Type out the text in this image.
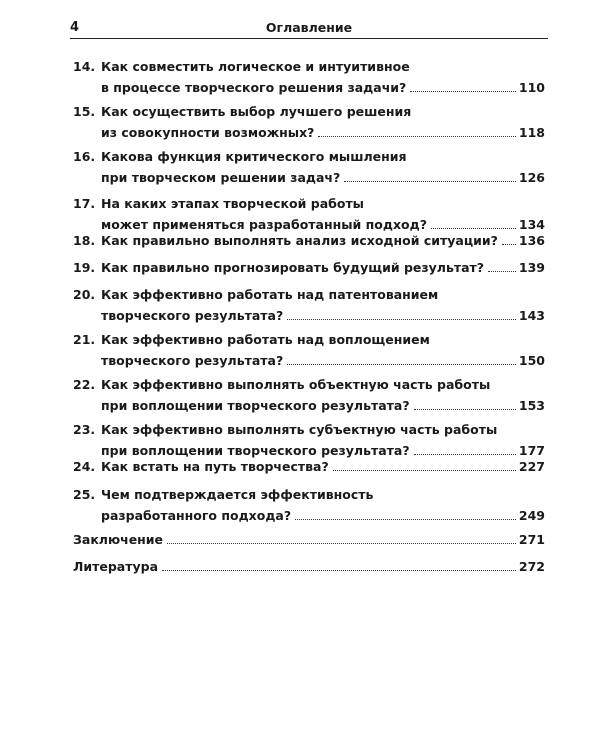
4	Оглавление
14. Как совместить логическое и интуитивное
в процессе творческого решения задачи?	110
15. Как осуществить выбор лучшего решения
из совокупности возможных?	118
16. Какова функция критического мышления
при творческом решении задач?	126
17. На каких этапах творческой работы
может применяться разработанный подход?	134
18. Как правильно выполнять анализ исходной ситуации? 136
19. Как правильно прогнозировать будущий результат?	139
20. Как эффективно работать над патентованием
творческого результата?	143
21. Как эффективно работать над воплощением
творческого результата?	150
22. Как эффективно выполнять объектную часть работы
при воплощении творческого результата?	153
23. Как эффективно выполнять субъектную часть работы
при воплощении творческого результата?	177
24. Как встать на путь творчества?	227
25. Чем подтверждается эффективность
разработанного подхода?	249
Заключение	271
Литература	272
